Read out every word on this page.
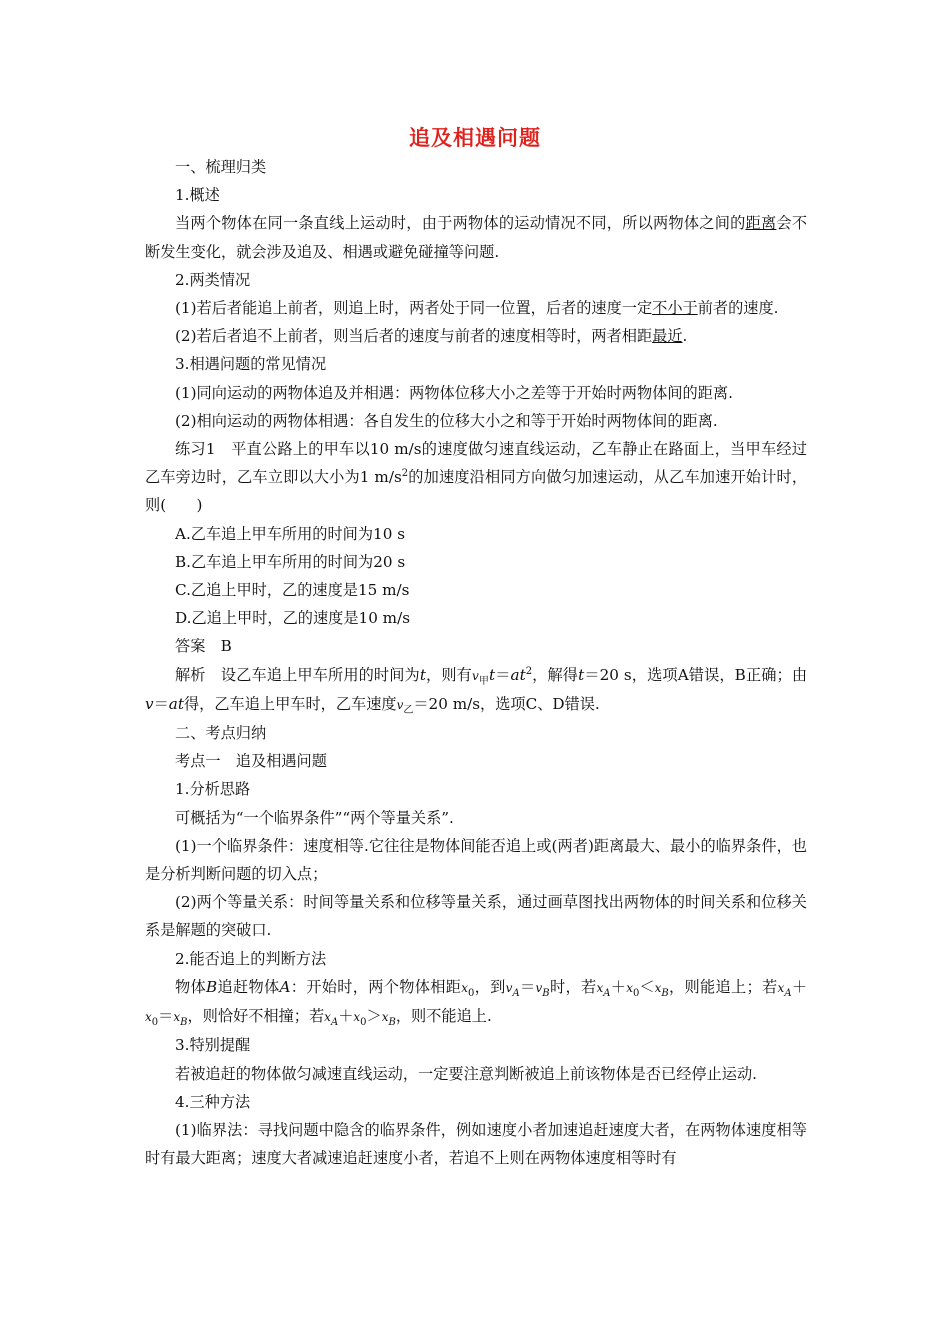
追及相遇问题

一、梳理归类

1.概述

当两个物体在同一条直线上运动时，由于两物体的运动情况不同，所以两物体之间的距离会不断发生变化，就会涉及追及、相遇或避免碰撞等问题.

2.两类情况

(1)若后者能追上前者，则追上时，两者处于同一位置，后者的速度一定不小于前者的速度.

(2)若后者追不上前者，则当后者的速度与前者的速度相等时，两者相距最近.

3.相遇问题的常见情况

(1)同向运动的两物体追及并相遇：两物体位移大小之差等于开始时两物体间的距离.

(2)相向运动的两物体相遇：各自发生的位移大小之和等于开始时两物体间的距离.

练习1　平直公路上的甲车以10 m/s的速度做匀速直线运动，乙车静止在路面上，当甲车经过乙车旁边时，乙车立即以大小为1 $m/s^2$的加速度沿相同方向做匀加速运动，从乙车加速开始计时，则(　　)

A.乙车追上甲车所用的时间为10 s

B.乙车追上甲车所用的时间为20 s

C.乙追上甲时，乙的速度是15 m/s

D.乙追上甲时，乙的速度是10 m/s

答案　B

解析　设乙车追上甲车所用的时间为t，则有$v_甲t=at^2$，解得t＝20 s，选项A错误，B正确；由v＝at得，乙车追上甲车时，乙车速度$v_乙=20$ m/s，选项C、D错误.

二、考点归纳

考点一　追及相遇问题

1.分析思路

可概括为“一个临界条件”“两个等量关系”.

(1)一个临界条件：速度相等.它往往是物体间能否追上或(两者)距离最大、最小的临界条件，也是分析判断问题的切入点；

(2)两个等量关系：时间等量关系和位移等量关系，通过画草图找出两物体的时间关系和位移关系是解题的突破口.

2.能否追上的判断方法

物体B追赶物体A：开始时，两个物体相距$x_0$，到$v_A=v_B$时，若$x_A+x_0<x_B$，则能追上；若$x_A+x_0=x_B$，则恰好不相撞；若$x_A+x_0>x_B$，则不能追上.

3.特别提醒

若被追赶的物体做匀减速直线运动，一定要注意判断被追上前该物体是否已经停止运动.

4.三种方法

(1)临界法：寻找问题中隐含的临界条件，例如速度小者加速追赶速度大者，在两物体速度相等时有最大距离；速度大者减速追赶速度小者，若追不上则在两物体速度相等时有
